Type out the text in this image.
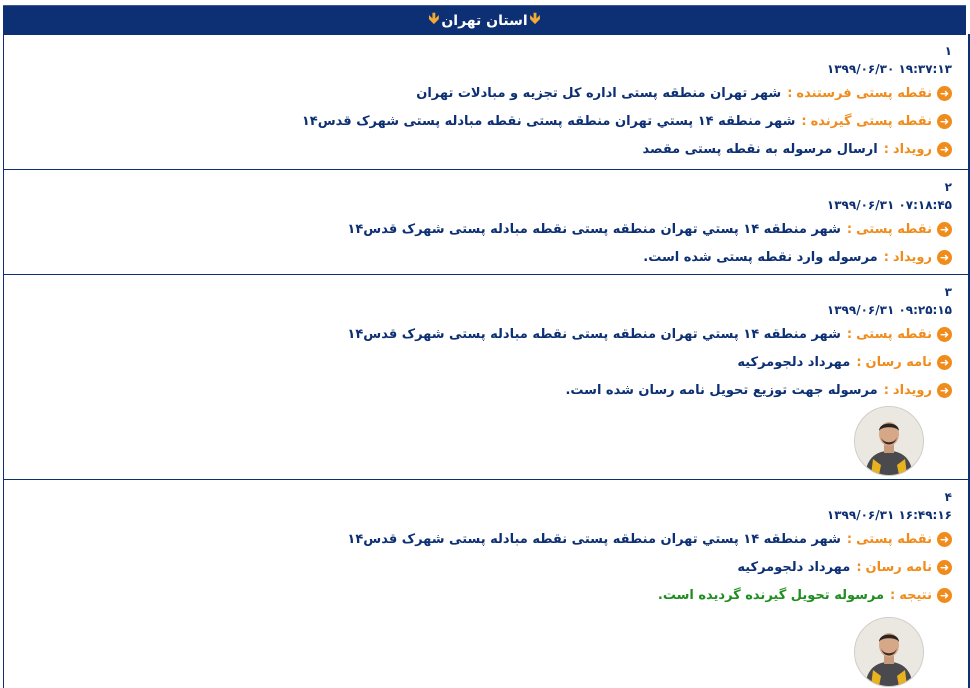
🡻 استان تهران 🡻
۱
۱۳۹۹/۰۶/۳۰ ۱۹:۳۷:۱۳
➜
نقطه پستی فرستنده
:
شهر تهران منطقه پستی اداره کل تجزیه و مبادلات تهران
➜
نقطه پستی گیرنده
:
شهر منطقه ۱۴ پستي تهران منطقه پستی نقطه مبادله پستی شهرک قدس۱۴
➜
رویداد
:
ارسال مرسوله به نقطه پستی مقصد
۲
۱۳۹۹/۰۶/۳۱ ۰۷:۱۸:۴۵
➜
نقطه پستی
:
شهر منطقه ۱۴ پستي تهران منطقه پستی نقطه مبادله پستی شهرک قدس۱۴
➜
رویداد
:
مرسوله وارد نقطه پستی شده است.
۳
۱۳۹۹/۰۶/۳۱ ۰۹:۲۵:۱۵
➜
نقطه پستی
:
شهر منطقه ۱۴ پستي تهران منطقه پستی نقطه مبادله پستی شهرک قدس۱۴
➜
نامه رسان
:
مهرداد دلجومرکیه
➜
رویداد
:
مرسوله جهت توزیع تحویل نامه رسان شده است.
۴
۱۳۹۹/۰۶/۳۱ ۱۶:۴۹:۱۶
➜
نقطه پستی
:
شهر منطقه ۱۴ پستي تهران منطقه پستی نقطه مبادله پستی شهرک قدس۱۴
➜
نامه رسان
:
مهرداد دلجومرکیه
➜
نتیجه
:
مرسوله تحویل گیرنده گردیده است.
